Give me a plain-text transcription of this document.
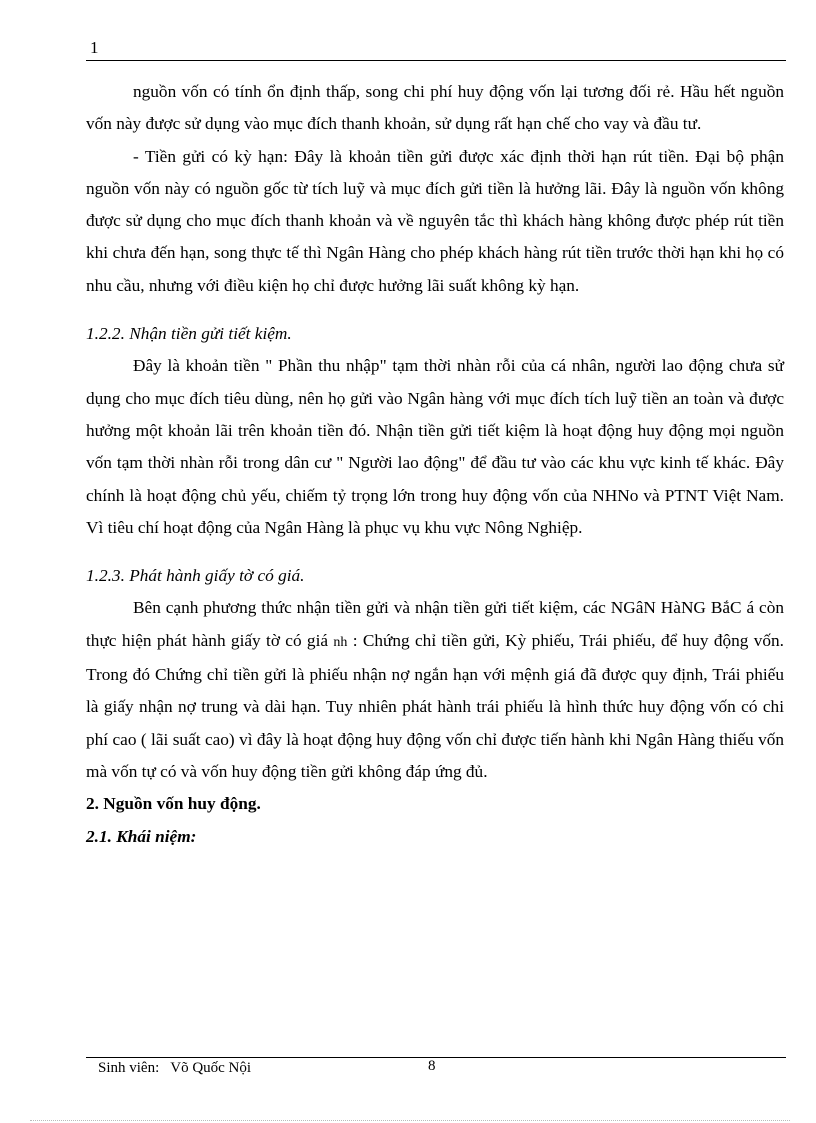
1

nguồn vốn có tính ổn định thấp, song chi phí huy động vốn lại tương đối rẻ. Hầu hết nguồn vốn này được sử dụng vào mục đích thanh khoản, sử dụng rất hạn chế cho vay và đầu tư.

- Tiền gửi có kỳ hạn: Đây là khoản tiền gửi được xác định thời hạn rút tiền. Đại bộ phận nguồn vốn này có nguồn gốc từ tích luỹ và mục đích gửi tiền là hưởng lãi. Đây là nguồn vốn không được sử dụng cho mục đích thanh khoản và về nguyên tắc thì khách hàng không được phép rút tiền khi chưa đến hạn, song thực tế thì Ngân Hàng cho phép khách hàng rút tiền trước thời hạn khi họ có nhu cầu, nhưng với điều kiện họ chỉ được hưởng lãi suất không kỳ hạn.

1.2.2. Nhận tiền gửi tiết kiệm.

Đây là khoản tiền " Phần thu nhập" tạm thời nhàn rỗi của cá nhân, người lao động chưa sử dụng cho mục đích tiêu dùng, nên họ gửi vào Ngân hàng với mục đích tích luỹ tiền an toàn và được hưởng một khoản lãi trên khoản tiền đó. Nhận tiền gửi tiết kiệm là hoạt động huy động mọi nguồn vốn tạm thời nhàn rỗi trong dân cư " Người lao động" để đầu tư vào các khu vực kinh tế khác. Đây chính là hoạt động chủ yếu, chiếm tỷ trọng lớn trong huy động vốn của NHNo và PTNT Việt Nam. Vì tiêu chí hoạt động của Ngân Hàng là phục vụ khu vực Nông Nghiệp.

1.2.3. Phát hành giấy tờ có giá.

Bên cạnh phương thức nhận tiền gửi và nhận tiền gửi tiết kiệm, các NGâN HàNG BắC á còn thực hiện phát hành giấy tờ có giá nh : Chứng chỉ tiền gửi, Kỳ phiếu, Trái phiếu, để huy động vốn. Trong đó Chứng chỉ tiền gửi là phiếu nhận nợ ngắn hạn với mệnh giá đã được quy định, Trái phiếu là giấy nhận nợ trung và dài hạn. Tuy nhiên phát hành trái phiếu là hình thức huy động vốn có chi phí cao ( lãi suất cao) vì đây là hoạt động huy động vốn chỉ được tiến hành khi Ngân Hàng thiếu vốn mà vốn tự có và vốn huy động tiền gửi không đáp ứng đủ.

2. Nguồn vốn huy động.

2.1. Khái niệm:

Sinh viên:   Võ Quốc Nội	8
